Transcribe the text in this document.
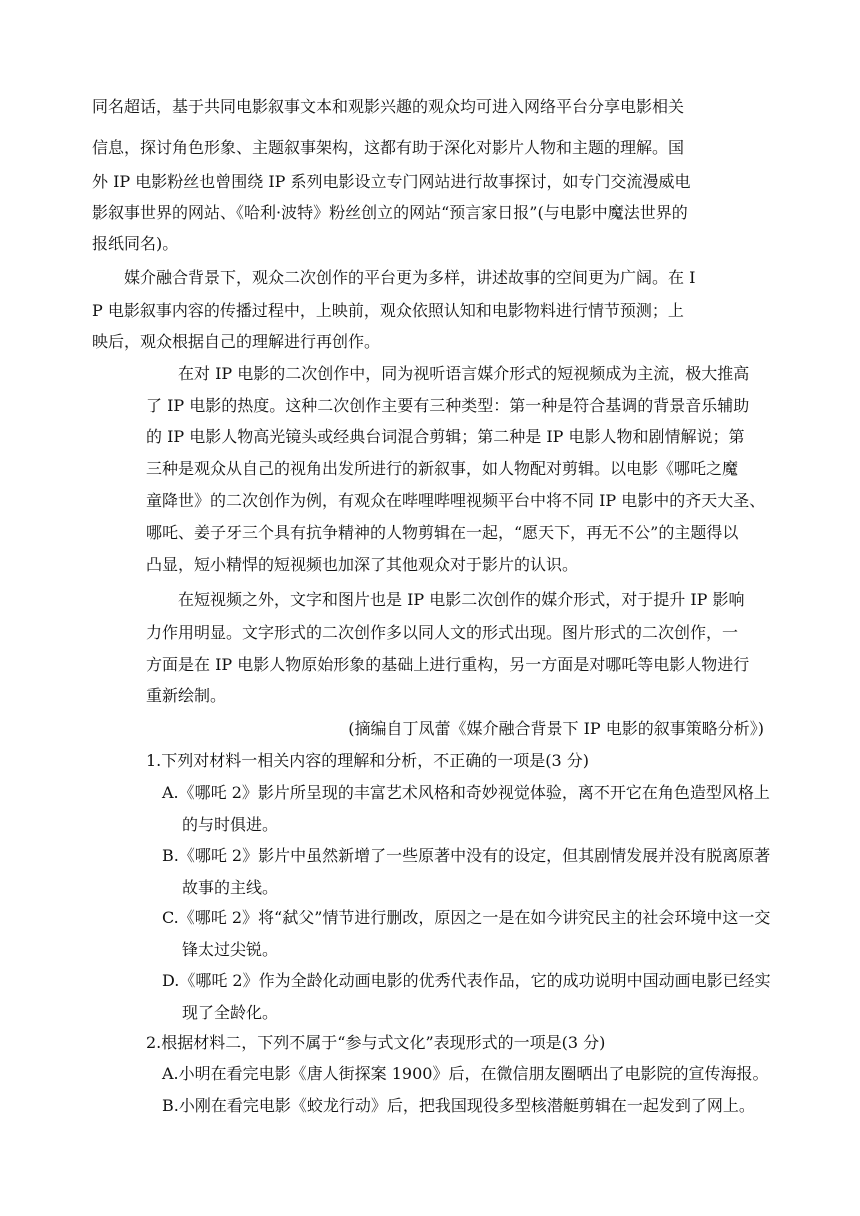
同名超话，基于共同电影叙事文本和观影兴趣的观众均可进入网络平台分享电影相关
信息，探讨角色形象、主题叙事架构，这都有助于深化对影片人物和主题的理解。国
外 IP 电影粉丝也曾围绕 IP 系列电影设立专门网站进行故事探讨，如专门交流漫威电
影叙事世界的网站、《哈利·波特》粉丝创立的网站“预言家日报”(与电影中魔法世界的
报纸同名)。
媒介融合背景下，观众二次创作的平台更为多样，讲述故事的空间更为广阔。在 I
P 电影叙事内容的传播过程中，上映前，观众依照认知和电影物料进行情节预测；上
映后，观众根据自己的理解进行再创作。
在对 IP 电影的二次创作中，同为视听语言媒介形式的短视频成为主流，极大推高
了 IP 电影的热度。这种二次创作主要有三种类型：第一种是符合基调的背景音乐辅助
的 IP 电影人物高光镜头或经典台词混合剪辑；第二种是 IP 电影人物和剧情解说；第
三种是观众从自己的视角出发所进行的新叙事，如人物配对剪辑。以电影《哪吒之魔
童降世》的二次创作为例，有观众在哔哩哔哩视频平台中将不同 IP 电影中的齐天大圣、
哪吒、姜子牙三个具有抗争精神的人物剪辑在一起，“愿天下，再无不公”的主题得以
凸显，短小精悍的短视频也加深了其他观众对于影片的认识。
在短视频之外，文字和图片也是 IP 电影二次创作的媒介形式，对于提升 IP 影响
力作用明显。文字形式的二次创作多以同人文的形式出现。图片形式的二次创作，一
方面是在 IP 电影人物原始形象的基础上进行重构，另一方面是对哪吒等电影人物进行
重新绘制。
(摘编自丁凤蕾《媒介融合背景下 IP 电影的叙事策略分析》)
1.下列对材料一相关内容的理解和分析，不正确的一项是(3 分)
A.《哪吒 2》影片所呈现的丰富艺术风格和奇妙视觉体验，离不开它在角色造型风格上
的与时俱进。
B.《哪吒 2》影片中虽然新增了一些原著中没有的设定，但其剧情发展并没有脱离原著
故事的主线。
C.《哪吒 2》将“弑父”情节进行删改，原因之一是在如今讲究民主的社会环境中这一交
锋太过尖锐。
D.《哪吒 2》作为全龄化动画电影的优秀代表作品，它的成功说明中国动画电影已经实
现了全龄化。
2.根据材料二，下列不属于“参与式文化”表现形式的一项是(3 分)
A.小明在看完电影《唐人街探案 1900》后，在微信朋友圈晒出了电影院的宣传海报。
B.小刚在看完电影《蛟龙行动》后，把我国现役多型核潜艇剪辑在一起发到了网上。
